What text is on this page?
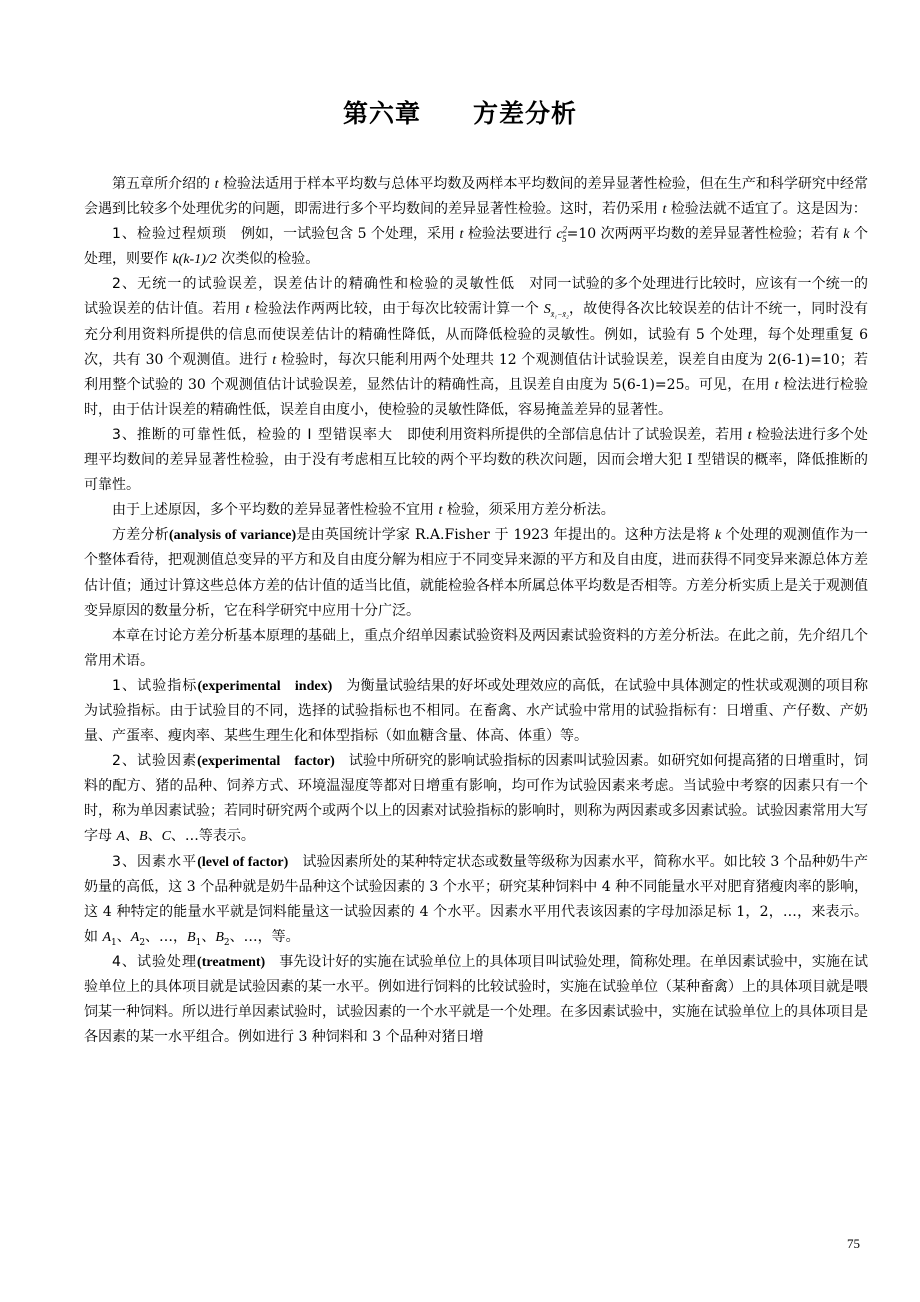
第六章　　方差分析

第五章所介绍的 t 检验法适用于样本平均数与总体平均数及两样本平均数间的差异显著性检验，但在生产和科学研究中经常会遇到比较多个处理优劣的问题，即需进行多个平均数间的差异显著性检验。这时，若仍采用 t 检验法就不适宜了。这是因为：

1、检验过程烦琐　例如，一试验包含 5 个处理，采用 t 检验法要进行 $c^2_5=10$ 次两两平均数的差异显著性检验；若有 k 个处理，则要作 k(k-1)/2 次类似的检验。

2、无统一的试验误差，误差估计的精确性和检验的灵敏性低　对同一试验的多个处理进行比较时，应该有一个统一的试验误差的估计值。若用 t 检验法作两两比较，由于每次比较需计算一个 $S_{x̄_1-x̄_2}$，故使得各次比较误差的估计不统一，同时没有充分利用资料所提供的信息而使误差估计的精确性降低，从而降低检验的灵敏性。例如，试验有 5 个处理，每个处理重复 6 次，共有 30 个观测值。进行 t 检验时，每次只能利用两个处理共 12 个观测值估计试验误差，误差自由度为 2(6-1)=10；若利用整个试验的 30 个观测值估计试验误差，显然估计的精确性高，且误差自由度为 5(6-1)=25。可见，在用 t 检法进行检验时，由于估计误差的精确性低，误差自由度小，使检验的灵敏性降低，容易掩盖差异的显著性。

3、推断的可靠性低，检验的 I 型错误率大　即使利用资料所提供的全部信息估计了试验误差，若用 t 检验法进行多个处理平均数间的差异显著性检验，由于没有考虑相互比较的两个平均数的秩次问题，因而会增大犯 I 型错误的概率，降低推断的可靠性。

由于上述原因，多个平均数的差异显著性检验不宜用 t 检验，须采用方差分析法。

方差分析(analysis of variance)是由英国统计学家 R.A.Fisher 于 1923 年提出的。这种方法是将 k 个处理的观测值作为一个整体看待，把观测值总变异的平方和及自由度分解为相应于不同变异来源的平方和及自由度，进而获得不同变异来源总体方差估计值；通过计算这些总体方差的估计值的适当比值，就能检验各样本所属总体平均数是否相等。方差分析实质上是关于观测值变异原因的数量分析，它在科学研究中应用十分广泛。

本章在讨论方差分析基本原理的基础上，重点介绍单因素试验资料及两因素试验资料的方差分析法。在此之前，先介绍几个常用术语。

1、试验指标(experimental　index)　为衡量试验结果的好坏或处理效应的高低，在试验中具体测定的性状或观测的项目称为试验指标。由于试验目的不同，选择的试验指标也不相同。在畜禽、水产试验中常用的试验指标有：日增重、产仔数、产奶量、产蛋率、瘦肉率、某些生理生化和体型指标（如血糖含量、体高、体重）等。

2、试验因素(experimental　factor)　试验中所研究的影响试验指标的因素叫试验因素。如研究如何提高猪的日增重时，饲料的配方、猪的品种、饲养方式、环境温湿度等都对日增重有影响，均可作为试验因素来考虑。当试验中考察的因素只有一个时，称为单因素试验；若同时研究两个或两个以上的因素对试验指标的影响时，则称为两因素或多因素试验。试验因素常用大写字母 A、B、C、…等表示。

3、因素水平(level of factor)　试验因素所处的某种特定状态或数量等级称为因素水平，简称水平。如比较 3 个品种奶牛产奶量的高低，这 3 个品种就是奶牛品种这个试验因素的 3 个水平；研究某种饲料中 4 种不同能量水平对肥育猪瘦肉率的影响，这 4 种特定的能量水平就是饲料能量这一试验因素的 4 个水平。因素水平用代表该因素的字母加添足标 1，2，…，来表示。如 $A_1$、$A_2$、…，$B_1$、$B_2$、…，等。

4、试验处理(treatment)　事先设计好的实施在试验单位上的具体项目叫试验处理，简称处理。在单因素试验中，实施在试验单位上的具体项目就是试验因素的某一水平。例如进行饲料的比较试验时，实施在试验单位（某种畜禽）上的具体项目就是喂饲某一种饲料。所以进行单因素试验时，试验因素的一个水平就是一个处理。在多因素试验中，实施在试验单位上的具体项目是各因素的某一水平组合。例如进行 3 种饲料和 3 个品种对猪日增

75
